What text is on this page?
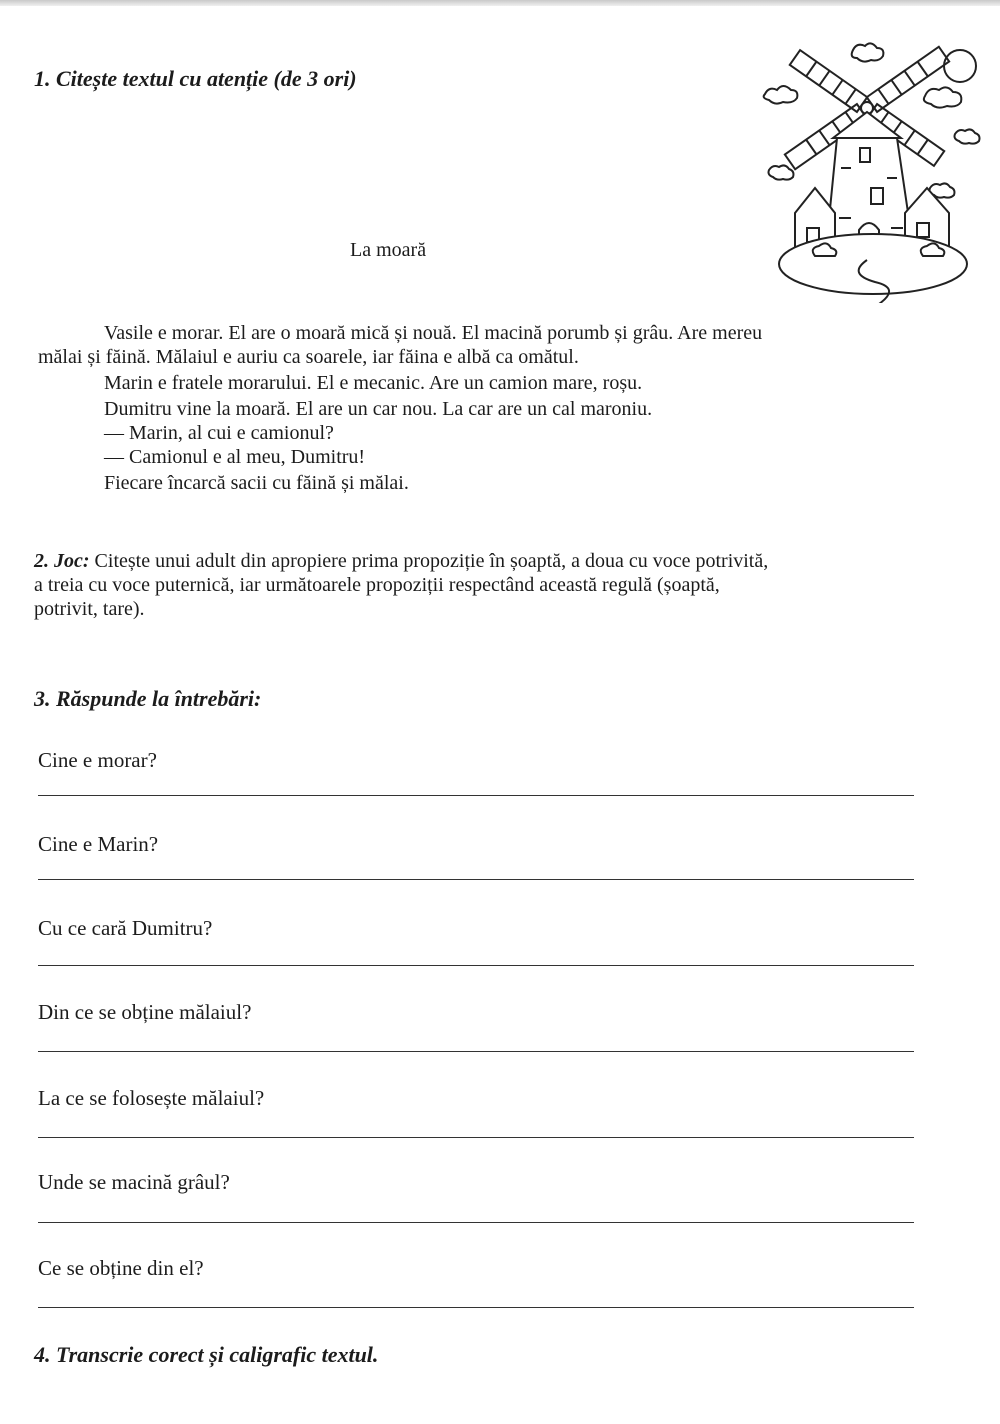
1. Citește textul cu atenție (de 3 ori)
La moară
Vasile e morar. El are o moară mică și nouă. El macină porumb și grâu. Are mereu
mălai și făină. Mălaiul e auriu ca soarele, iar făina e albă ca omătul.
Marin e fratele morarului. El e mecanic. Are un camion mare, roșu.
Dumitru vine la moară. El are un car nou. La car are un cal maroniu.
— Marin, al cui e camionul?
— Camionul e al meu, Dumitru!
Fiecare încarcă sacii cu făină și mălai.
2. Joc: Citește unui adult din apropiere prima propoziție în șoaptă, a doua cu voce potrivită,
a treia cu voce puternică, iar următoarele propoziții respectând această regulă (șoaptă,
potrivit, tare).
3. Răspunde la întrebări:
Cine e morar?
Cine e Marin?
Cu ce cară Dumitru?
Din ce se obține mălaiul?
La ce se folosește mălaiul?
Unde se macină grâul?
Ce se obține din el?
4. Transcrie corect și caligrafic textul.
